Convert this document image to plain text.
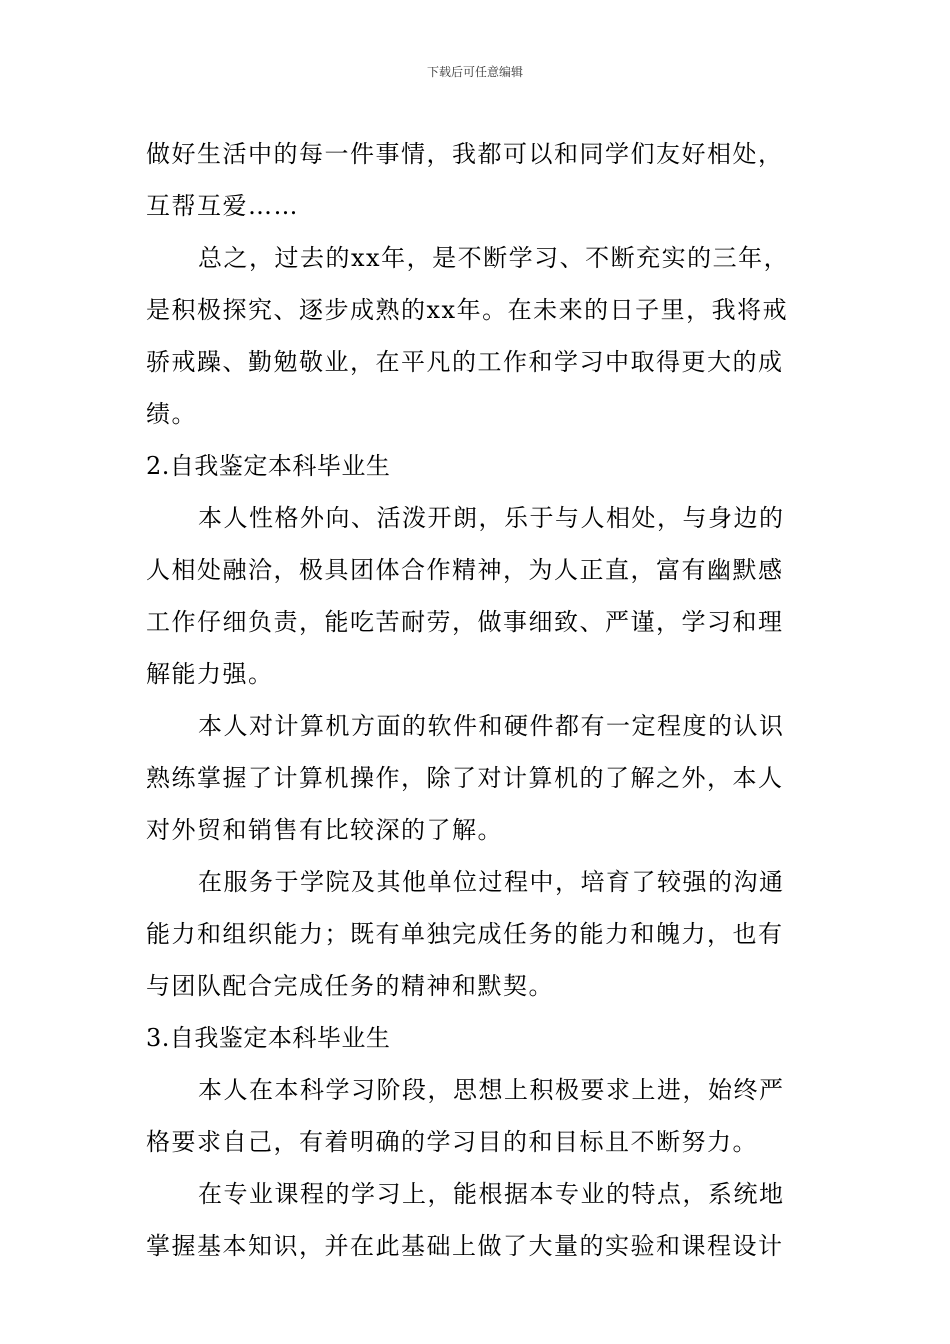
下载后可任意编辑
做好生活中的每一件事情，我都可以和同学们友好相处，
互帮互爱……
总之，过去的xx年，是不断学习、不断充实的三年，
是积极探究、逐步成熟的xx年。在未来的日子里，我将戒
骄戒躁、勤勉敬业，在平凡的工作和学习中取得更大的成
绩。
2.自我鉴定本科毕业生
本人性格外向、活泼开朗，乐于与人相处，与身边的
人相处融洽，极具团体合作精神，为人正直，富有幽默感
工作仔细负责，能吃苦耐劳，做事细致、严谨，学习和理
解能力强。
本人对计算机方面的软件和硬件都有一定程度的认识
熟练掌握了计算机操作，除了对计算机的了解之外，本人
对外贸和销售有比较深的了解。
在服务于学院及其他单位过程中，培育了较强的沟通
能力和组织能力；既有单独完成任务的能力和魄力，也有
与团队配合完成任务的精神和默契。
3.自我鉴定本科毕业生
本人在本科学习阶段，思想上积极要求上进，始终严
格要求自己，有着明确的学习目的和目标且不断努力。
在专业课程的学习上，能根据本专业的特点，系统地
掌握基本知识，并在此基础上做了大量的实验和课程设计
